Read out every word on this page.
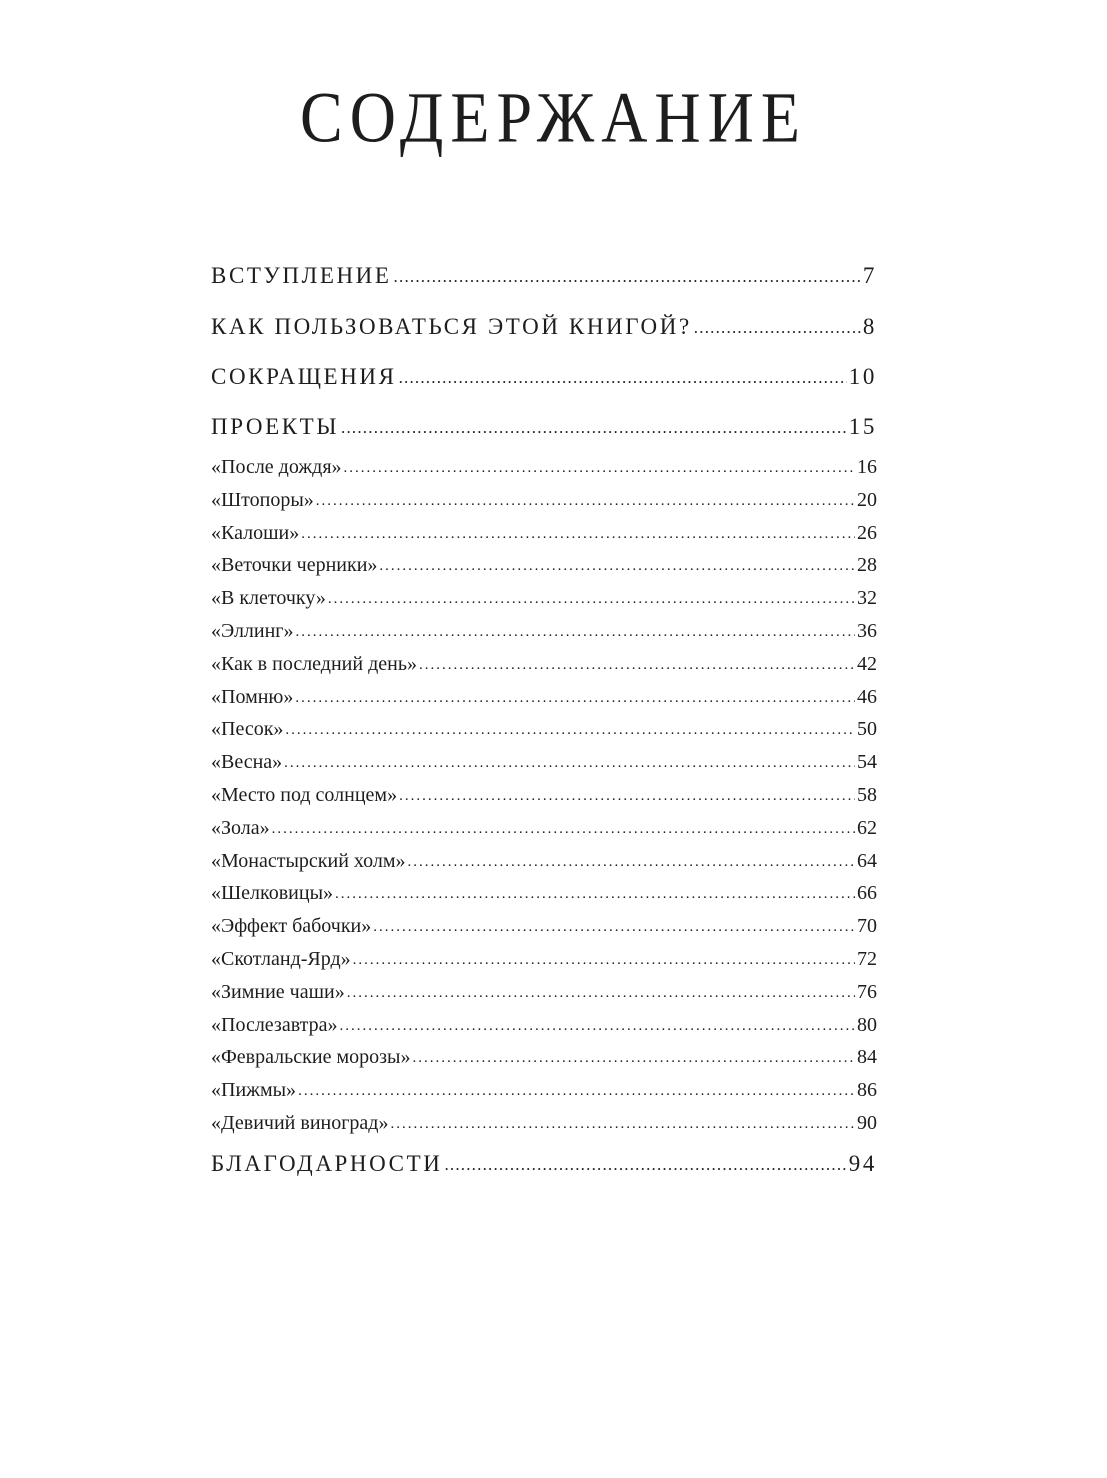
СОДЕРЖАНИЕ
ВСТУПЛЕНИЕ .....	7
КАК ПОЛЬЗОВАТЬСЯ ЭТОЙ КНИГОЙ? .....	8
СОКРАЩЕНИЯ .....	10
ПРОЕКТЫ .....	15
«После дождя» .....	16
«Штопоры» .....	20
«Калоши» .....	26
«Веточки черники» .....	28
«В клеточку» .....	32
«Эллинг» .....	36
«Как в последний день» .....	42
«Помню» .....	46
«Песок» .....	50
«Весна» .....	54
«Место под солнцем» .....	58
«Зола» .....	62
«Монастырский холм» .....	64
«Шелковицы» .....	66
«Эффект бабочки» .....	70
«Скотланд-Ярд» .....	72
«Зимние чаши» .....	76
«Послезавтра» .....	80
«Февральские морозы» .....	84
«Пижмы» .....	86
«Девичий виноград» .....	90
БЛАГОДАРНОСТИ .....	94
